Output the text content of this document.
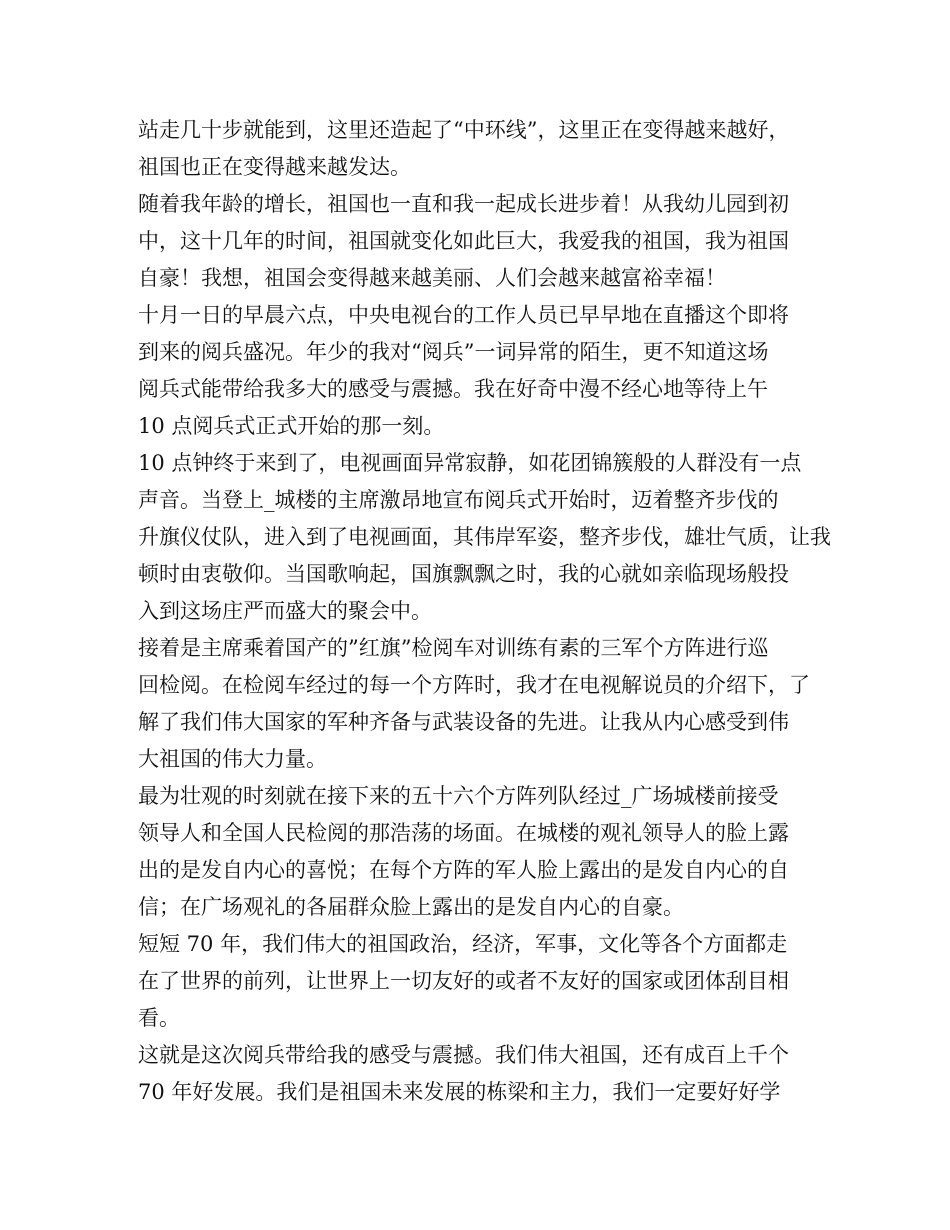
站走几十步就能到，这里还造起了“中环线”，这里正在变得越来越好，
祖国也正在变得越来越发达。
随着我年龄的增长，祖国也一直和我一起成长进步着！从我幼儿园到初
中，这十几年的时间，祖国就变化如此巨大，我爱我的祖国，我为祖国
自豪！我想，祖国会变得越来越美丽、人们会越来越富裕幸福！
十月一日的早晨六点，中央电视台的工作人员已早早地在直播这个即将
到来的阅兵盛况。年少的我对“阅兵”一词异常的陌生，更不知道这场
阅兵式能带给我多大的感受与震撼。我在好奇中漫不经心地等待上午
10 点阅兵式正式开始的那一刻。
10 点钟终于来到了，电视画面异常寂静，如花团锦簇般的人群没有一点
声音。当登上_城楼的主席激昂地宣布阅兵式开始时，迈着整齐步伐的
升旗仪仗队，进入到了电视画面，其伟岸军姿，整齐步伐，雄壮气质，让我
顿时由衷敬仰。当国歌响起，国旗飘飘之时，我的心就如亲临现场般投
入到这场庄严而盛大的聚会中。
接着是主席乘着国产的”红旗”检阅车对训练有素的三军个方阵进行巡
回检阅。在检阅车经过的每一个方阵时，我才在电视解说员的介绍下，了
解了我们伟大国家的军种齐备与武装设备的先进。让我从内心感受到伟
大祖国的伟大力量。
最为壮观的时刻就在接下来的五十六个方阵列队经过_广场城楼前接受
领导人和全国人民检阅的那浩荡的场面。在城楼的观礼领导人的脸上露
出的是发自内心的喜悦；在每个方阵的军人脸上露出的是发自内心的自
信；在广场观礼的各届群众脸上露出的是发自内心的自豪。
短短 70 年，我们伟大的祖国政治，经济，军事，文化等各个方面都走
在了世界的前列，让世界上一切友好的或者不友好的国家或团体刮目相
看。
这就是这次阅兵带给我的感受与震撼。我们伟大祖国，还有成百上千个
70 年好发展。我们是祖国未来发展的栋梁和主力，我们一定要好好学
